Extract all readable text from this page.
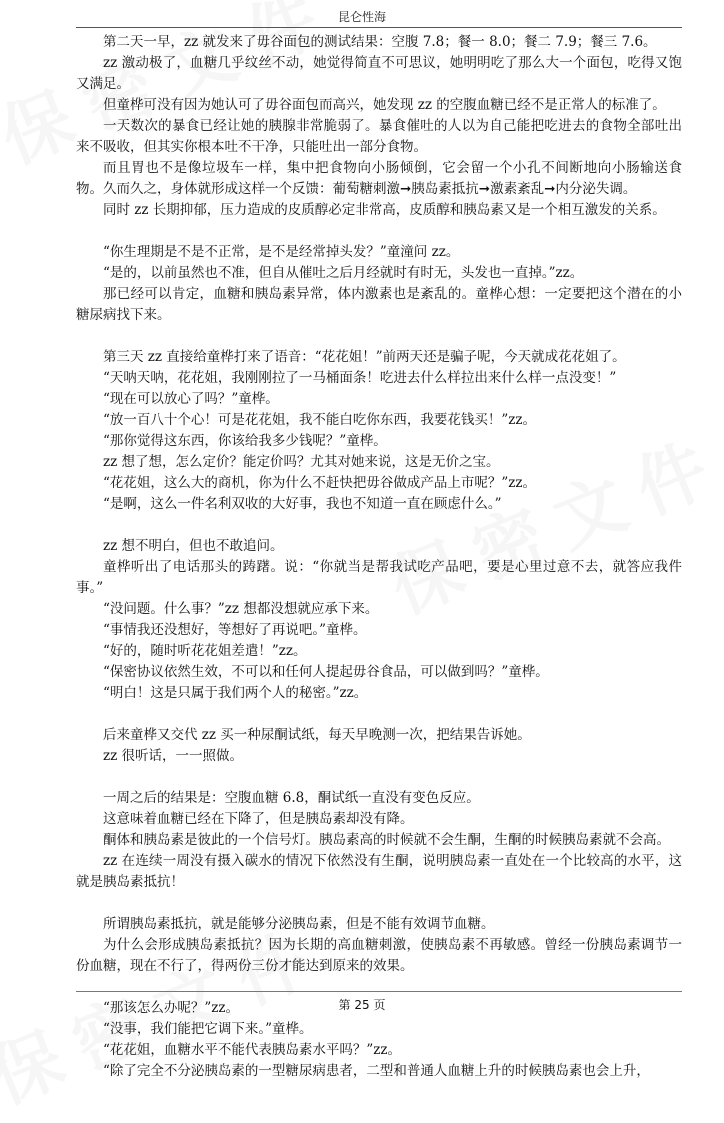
昆仑性海

第二天一早，zz 就发来了毋谷面包的测试结果：空腹 7.8；餐一 8.0；餐二 7.9；餐三 7.6。

zz 激动极了，血糖几乎纹丝不动，她觉得简直不可思议，她明明吃了那么大一个面包，吃得又饱又满足。

但童桦可没有因为她认可了毋谷面包而高兴，她发现 zz 的空腹血糖已经不是正常人的标准了。

一天数次的暴食已经让她的胰腺非常脆弱了。暴食催吐的人以为自己能把吃进去的食物全部吐出来不吸收，但其实你根本吐不干净，只能吐出一部分食物。

而且胃也不是像垃圾车一样，集中把食物向小肠倾倒，它会留一个小孔不间断地向小肠输送食物。久而久之，身体就形成这样一个反馈：葡萄糖刺激➞胰岛素抵抗➞激素紊乱➞内分泌失调。

同时 zz 长期抑郁，压力造成的皮质醇必定非常高，皮质醇和胰岛素又是一个相互激发的关系。

“你生理期是不是不正常，是不是经常掉头发？”童潼问 zz。

“是的，以前虽然也不准，但自从催吐之后月经就时有时无，头发也一直掉。”zz。

那已经可以肯定，血糖和胰岛素异常，体内激素也是紊乱的。童桦心想：一定要把这个潜在的小糖尿病找下来。

第三天 zz 直接给童桦打来了语音：“花花姐！”前两天还是骗子呢，今天就成花花姐了。

“天呐天呐，花花姐，我刚刚拉了一马桶面条！吃进去什么样拉出来什么样一点没变！”

“现在可以放心了吗？”童桦。

“放一百八十个心！可是花花姐，我不能白吃你东西，我要花钱买！”zz。

“那你觉得这东西，你该给我多少钱呢？”童桦。

zz 想了想，怎么定价？能定价吗？尤其对她来说，这是无价之宝。

“花花姐，这么大的商机，你为什么不赶快把毋谷做成产品上市呢？”zz。

“是啊，这么一件名利双收的大好事，我也不知道一直在顾虑什么。”

zz 想不明白，但也不敢追问。

童桦听出了电话那头的踌躇。说：“你就当是帮我试吃产品吧，要是心里过意不去，就答应我件事。”

“没问题。什么事？”zz 想都没想就应承下来。

“事情我还没想好，等想好了再说吧。”童桦。

“好的，随时听花花姐差遣！”zz。

“保密协议依然生效，不可以和任何人提起毋谷食品，可以做到吗？”童桦。

“明白！这是只属于我们两个人的秘密。”zz。

后来童桦又交代 zz 买一种尿酮试纸，每天早晚测一次，把结果告诉她。

zz 很听话，一一照做。

一周之后的结果是：空腹血糖 6.8，酮试纸一直没有变色反应。

这意味着血糖已经在下降了，但是胰岛素却没有降。

酮体和胰岛素是彼此的一个信号灯。胰岛素高的时候就不会生酮，生酮的时候胰岛素就不会高。

zz 在连续一周没有摄入碳水的情况下依然没有生酮，说明胰岛素一直处在一个比较高的水平，这就是胰岛素抵抗！

所谓胰岛素抵抗，就是能够分泌胰岛素，但是不能有效调节血糖。

为什么会形成胰岛素抵抗？因为长期的高血糖刺激，使胰岛素不再敏感。曾经一份胰岛素调节一份血糖，现在不行了，得两份三份才能达到原来的效果。

“那该怎么办呢？”zz。

“没事，我们能把它调下来。”童桦。

“花花姐，血糖水平不能代表胰岛素水平吗？”zz。

“除了完全不分泌胰岛素的一型糖尿病患者，二型和普通人血糖上升的时候胰岛素也会上升，

第 25 页
